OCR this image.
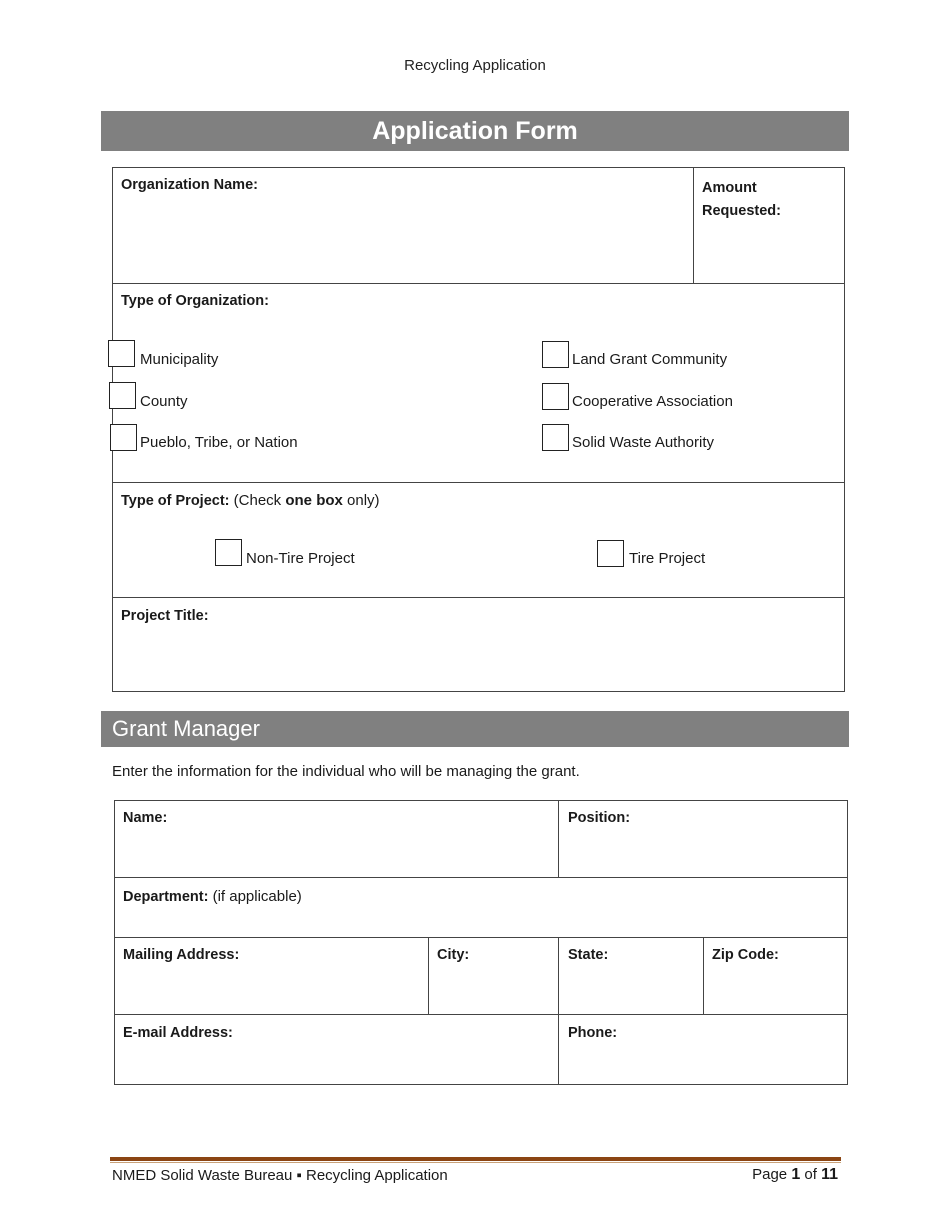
Recycling Application
Application Form
Organization Name:	Amount Requested:
Type of Organization:
Municipality
County
Pueblo, Tribe, or Nation
Land Grant Community
Cooperative Association
Solid Waste Authority
Type of Project: (Check one box only)
Non-Tire Project	Tire Project
Project Title:
Grant Manager
Enter the information for the individual who will be managing the grant.
Name:	Position:
Department: (if applicable)
Mailing Address:	City:	State:	Zip Code:
E-mail Address:	Phone:
NMED Solid Waste Bureau ▪ Recycling Application	Page 1 of 11
